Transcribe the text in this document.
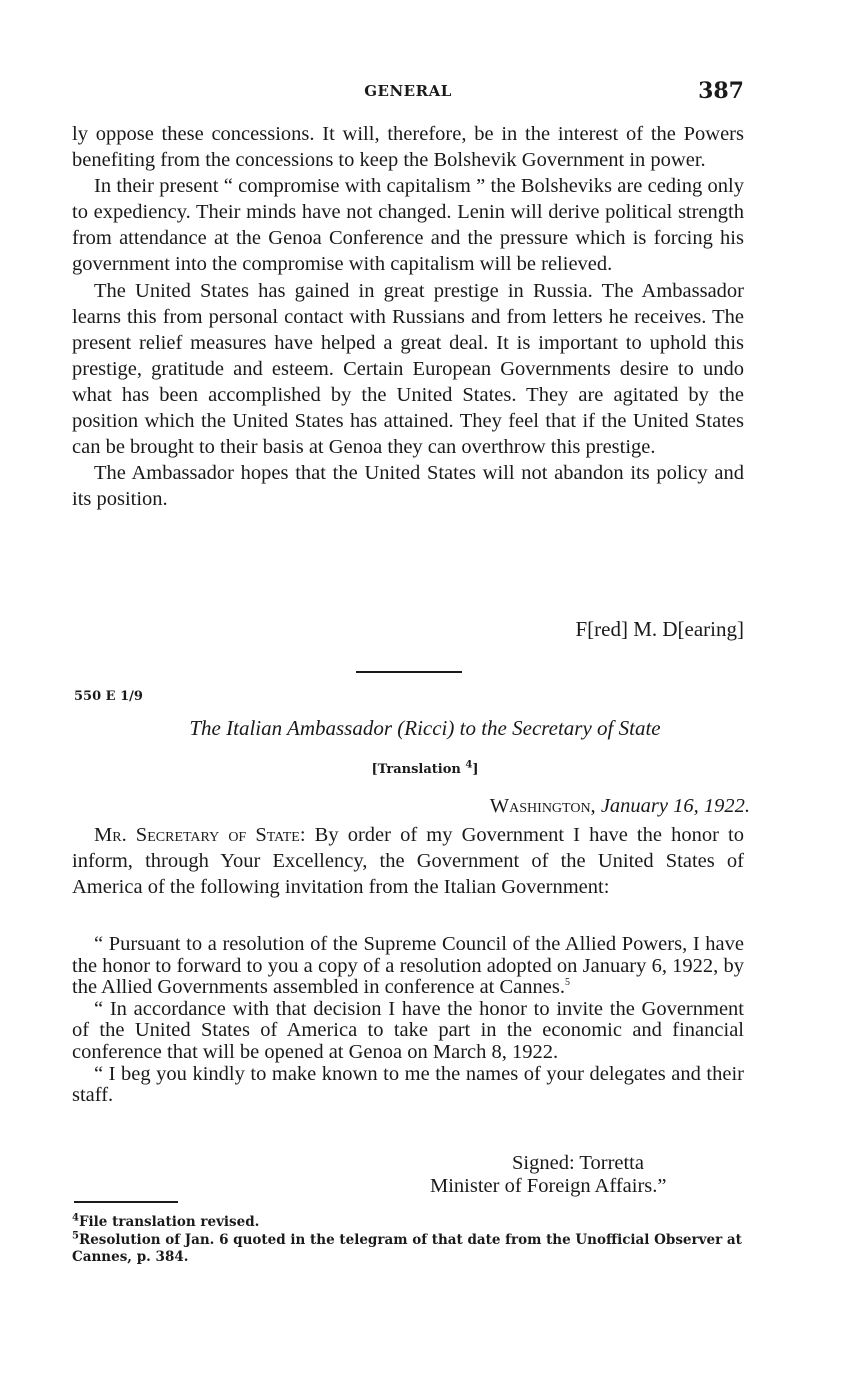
GENERAL	387

ly oppose these concessions. It will, therefore, be in the interest of the Powers benefiting from the concessions to keep the Bolshevik Government in power.

In their present “ compromise with capitalism ” the Bolsheviks are ceding only to expediency. Their minds have not changed. Lenin will derive political strength from attendance at the Genoa Conference and the pressure which is forcing his government into the compromise with capitalism will be relieved.

The United States has gained in great prestige in Russia. The Ambassador learns this from personal contact with Russians and from letters he receives. The present relief measures have helped a great deal. It is important to uphold this prestige, gratitude and esteem. Certain European Governments desire to undo what has been accomplished by the United States. They are agitated by the position which the United States has attained. They feel that if the United States can be brought to their basis at Genoa they can overthrow this prestige.

The Ambassador hopes that the United States will not abandon its policy and its position.

F[red] M. D[earing]
550 E 1/9
The Italian Ambassador (Ricci) to the Secretary of State
[Translation $^4$]
Washington, January 16, 1922.

Mr. Secretary of State: By order of my Government I have the honor to inform, through Your Excellency, the Government of the United States of America of the following invitation from the Italian Government:

“ Pursuant to a resolution of the Supreme Council of the Allied Powers, I have the honor to forward to you a copy of a resolution adopted on January 6, 1922, by the Allied Governments assembled in conference at Cannes.$^5$

“ In accordance with that decision I have the honor to invite the Government of the United States of America to take part in the economic and financial conference that will be opened at Genoa on March 8, 1922.

“ I beg you kindly to make known to me the names of your delegates and their staff.

Signed: Torretta
Minister of Foreign Affairs.”

$^4$File translation revised.

$^5$Resolution of Jan. 6 quoted in the telegram of that date from the Unofficial Observer at Cannes, p. 384.
